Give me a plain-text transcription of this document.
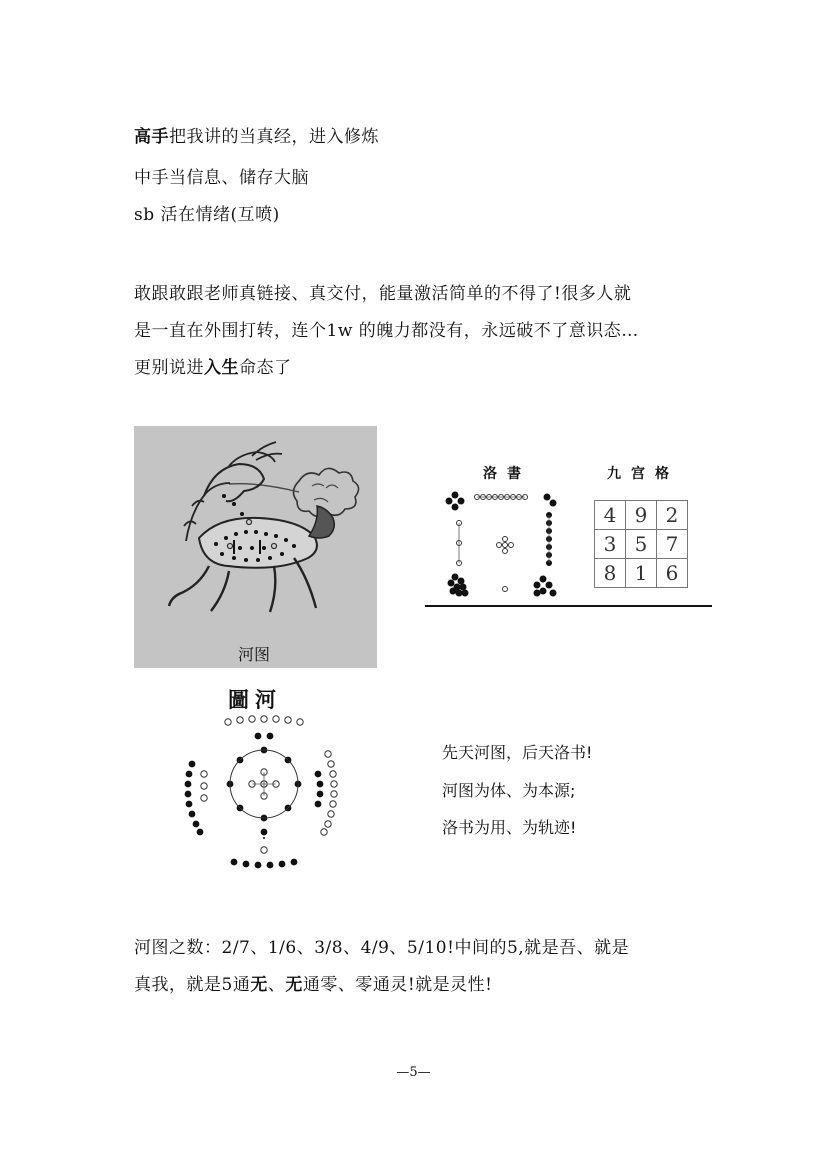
高手把我讲的当真经，进入修炼
中手当信息、储存大脑
sb 活在情绪(互喷)
敢跟敢跟老师真链接、真交付，能量激活简单的不得了!很多人就
是一直在外围打转，连个1w 的魄力都没有，永远破不了意识态…
更别说进入生命态了
河图
洛書	九宫格
4	9	2
3	5	7
8	1	6
圖河
先天河图，后天洛书!
河图为体、为本源;
洛书为用、为轨迹!
河图之数：2/7、1/6、3/8、4/9、5/10!中间的5,就是吾、就是
真我，就是5通无、无通零、零通灵!就是灵性!
—5—
